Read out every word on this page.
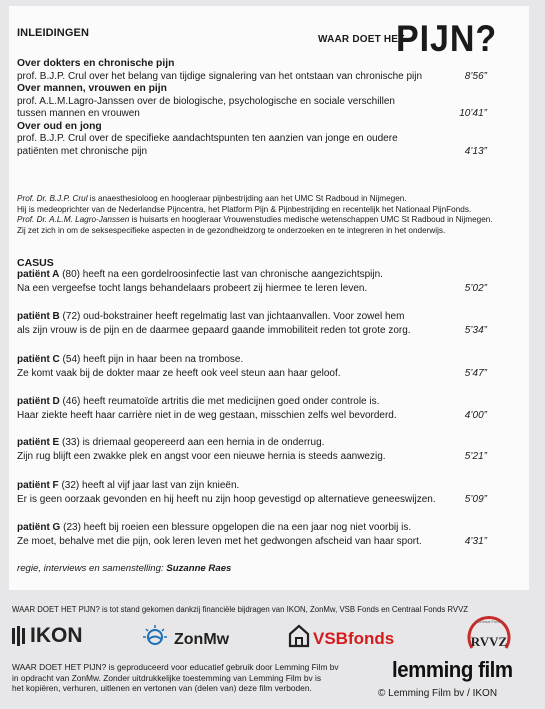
INLEIDINGEN
WAAR DOET HET
PIJN?
Over dokters en chronische pijn
prof. B.J.P. Crul over het belang van tijdige signalering van het ontstaan van chronische pijn	8’56”
Over mannen, vrouwen en pijn
prof. A.L.M.Lagro-Janssen over de biologische, psychologische en sociale verschillen
tussen mannen en vrouwen	10’41”
Over oud en jong
prof. B.J.P. Crul over de specifieke aandachtspunten ten aanzien van jonge en oudere
patiënten met chronische pijn	4’13”
Prof. Dr. B.J.P. Crul is anaesthesioloog en hoogleraar pijnbestrijding aan het UMC St Radboud in Nijmegen.
Hij is medeoprichter van de Nederlandse Pijncentra, het Platform Pijn & Pijnbestrijding en recentelijk het Nationaal PijnFonds.
Prof. Dr. A.L.M. Lagro-Janssen is huisarts en hoogleraar Vrouwenstudies medische wetenschappen UMC St Radboud in Nijmegen.
Zij zet zich in om de seksespecifieke aspecten in de gezondheidzorg te onderzoeken en te integreren in het onderwijs.
CASUS
patiënt A (80) heeft na een gordelroosinfectie last van chronische aangezichtspijn.
Na een vergeefse tocht langs behandelaars probeert zij hiermee te leren leven.	5’02”
patiënt B (72) oud-bokstrainer heeft regelmatig last van jichtaanvallen. Voor zowel hem
als zijn vrouw is de pijn en de daarmee gepaard gaande immobiliteit reden tot grote zorg.	5’34”
patiënt C (54) heeft pijn in haar been na trombose.
Ze komt vaak bij de dokter maar ze heeft ook veel steun aan haar geloof.	5’47”
patiënt D (46) heeft reumatoïde artritis die met medicijnen goed onder controle is.
Haar ziekte heeft haar carrière niet in de weg gestaan, misschien zelfs wel bevorderd.	4’00”
patiënt E (33) is driemaal geopereerd aan een hernia in de onderrug.
Zijn rug blijft een zwakke plek en angst voor een nieuwe hernia is steeds aanwezig.	5’21”
patiënt F (32) heeft al vijf jaar last van zijn knieën.
Er is geen oorzaak gevonden en hij heeft nu zijn hoop gevestigd op alternatieve geneeswijzen.	5’09”
patiënt G (23) heeft bij roeien een blessure opgelopen die na een jaar nog niet voorbij is.
Ze moet, behalve met die pijn, ook leren leven met het gedwongen afscheid van haar sport.	4’31”
regie, interviews en samenstelling: Suzanne Raes
WAAR DOET HET PIJN? is tot stand gekomen dankzij financiële bijdragen van IKON, ZonMw, VSB Fonds en Centraal Fonds RVVZ
IKON	ZonMw	VSBfonds	RVVZ
Centraal Fonds
WAAR DOET HET PIJN? is geproduceerd voor educatief gebruik door Lemming Film bv
in opdracht van ZonMw. Zonder uitdrukkelijke toestemming van Lemming Film bv is
het kopiëren, verhuren, uitlenen en vertonen van (delen van) deze film verboden.
lemming film
© Lemming Film bv / IKON
